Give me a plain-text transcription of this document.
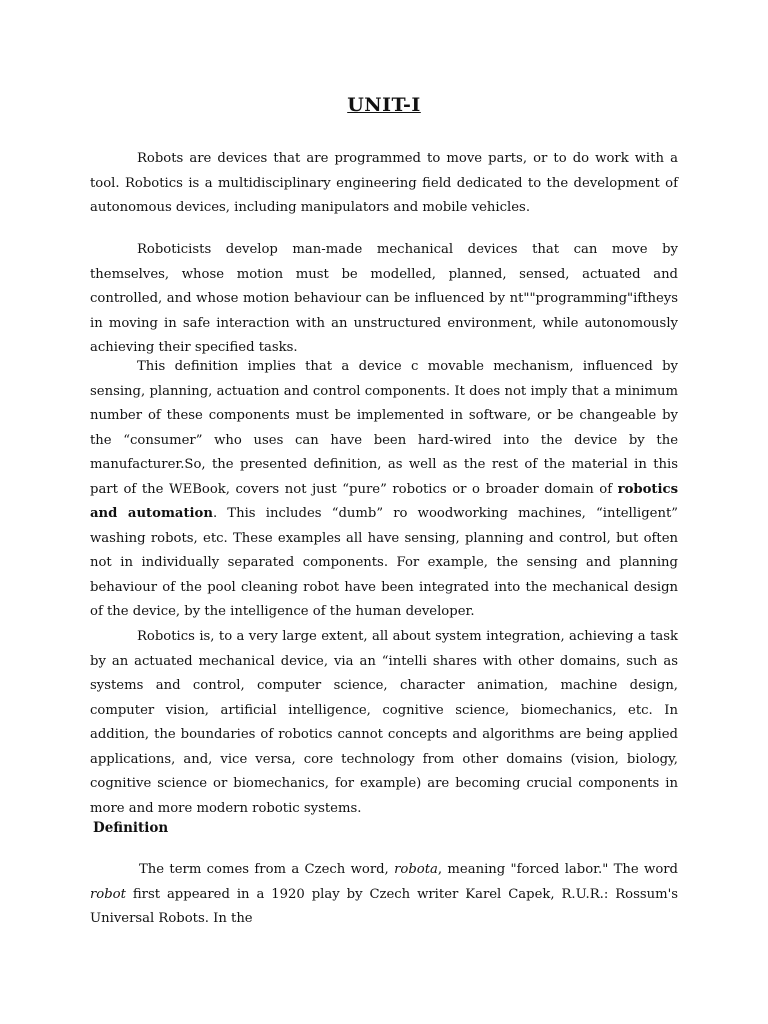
UNIT-I

Robots are devices that are programmed to move parts, or to do work with a tool. Robotics is a multidisciplinary engineering field dedicated to the development of autonomous devices, including manipulators and mobile vehicles.

Roboticists develop man-made mechanical devices that can move by themselves, whose motion must be modelled, planned, sensed, actuated and controlled, and whose motion behaviour can be influenced by nt""programming"iftheys in moving in safe interaction with an unstructured environment, while autonomously achieving their specified tasks.

This definition implies that a device c movable mechanism, influenced by sensing, planning, actuation and control components. It does not imply that a minimum number of these components must be implemented in software, or be changeable by the “consumer” who uses can have been hard-wired into the device by the manufacturer.So, the presented definition, as well as the rest of the material in this part of the WEBook, covers not just “pure” robotics or o broader domain of robotics and automation. This includes “dumb” ro woodworking machines, “intelligent” washing robots, etc. These examples all have sensing, planning and control, but often not in individually separated components. For example, the sensing and planning behaviour of the pool cleaning robot have been integrated into the mechanical design of the device, by the intelligence of the human developer.

Robotics is, to a very large extent, all about system integration, achieving a task by an actuated mechanical device, via an “intelli shares with other domains, such as systems and control, computer science, character animation, machine design, computer vision, artificial intelligence, cognitive science, biomechanics, etc. In addition, the boundaries of robotics cannot concepts and algorithms are being applied applications, and, vice versa, core technology from other domains (vision, biology, cognitive science or biomechanics, for example) are becoming crucial components in more and more modern robotic systems.

Definition

The term comes from a Czech word, robota, meaning "forced labor." The word robot first appeared in a 1920 play by Czech writer Karel Capek, R.U.R.: Rossum's Universal Robots. In the
